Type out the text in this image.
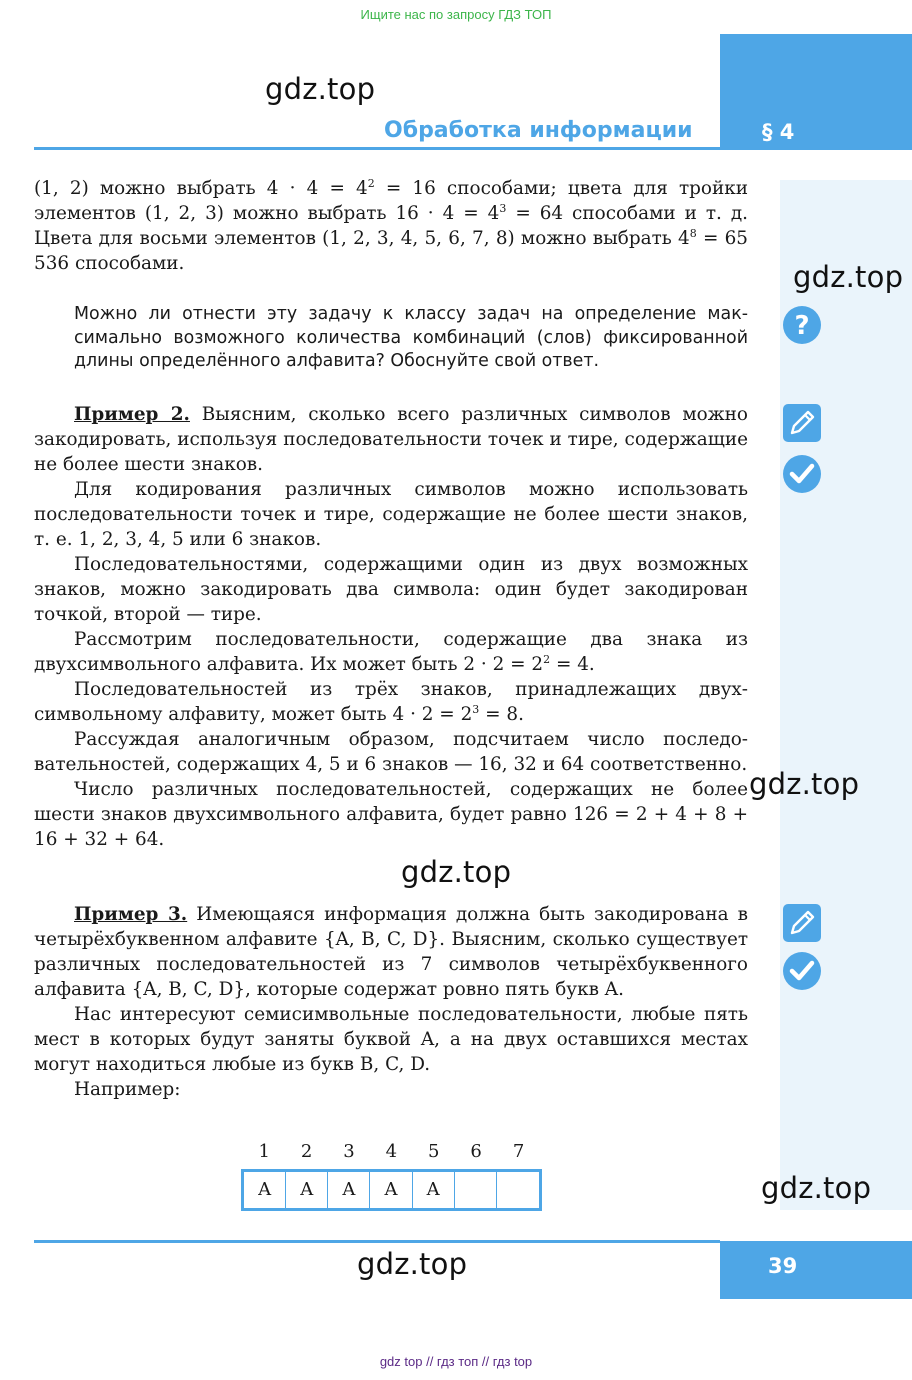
Ищите нас по запросу ГДЗ ТОП
§ 4
Обработка информации
gdz.top
gdz.top
gdz.top
gdz.top
gdz.top
gdz.top

(1, 2) можно выбрать $4 \cdot 4 = 4^2 = 16$ способами; цвета для тройки элементов (1, 2, 3) можно выбрать $16 \cdot 4 = 4^3 = 64$ способами и т. д. Цвета для восьми элементов (1, 2, 3, 4, 5, 6, 7, 8) можно выбрать $4^8 = 65$ 536 способами.

?
Можно ли отнести эту задачу к классу задач на определение максимально возможного количества комбинаций (слов) фиксированной длины определённого алфавита? Обоснуйте свой ответ.

Пример 2. Выясним, сколько всего различных символов можно закодировать, используя последовательности точек и тире, содержащие не более шести знаков.

Для кодирования различных символов можно использовать последовательности точек и тире, содержащие не более шести знаков, т. е. 1, 2, 3, 4, 5 или 6 знаков.

Последовательностями, содержащими один из двух возможных знаков, можно закодировать два символа: один будет закодирован точкой, второй — тире.

Рассмотрим последовательности, содержащие два знака из двухсимвольного алфавита. Их может быть $2 \cdot 2 = 2^2 = 4$.

Последовательностей из трёх знаков, принадлежащих двухсимвольному алфавиту, может быть $4 \cdot 2 = 2^3 = 8$.

Рассуждая аналогичным образом, подсчитаем число последовательностей, содержащих 4, 5 и 6 знаков — 16, 32 и 64 соответственно.

Число различных последовательностей, содержащих не более шести знаков двухсимвольного алфавита, будет равно 126 = 2 + 4 + 8 + 16 + 32 + 64.

Пример 3. Имеющаяся информация должна быть закодирована в четырёхбуквенном алфавите {A, B, C, D}. Выясним, сколько существует различных последовательностей из 7 символов четырёхбуквенного алфавита {A, B, C, D}, которые содержат ровно пять букв A.

Нас интересуют семисимвольные последовательности, любые пять мест в которых будут заняты буквой A, а на двух оставшихся местах могут находиться любые из букв B, C, D.

Например:

1	2	3	4	5	6	7
A	A	A	A	A
39
gdz top // гдз топ // гдз top
